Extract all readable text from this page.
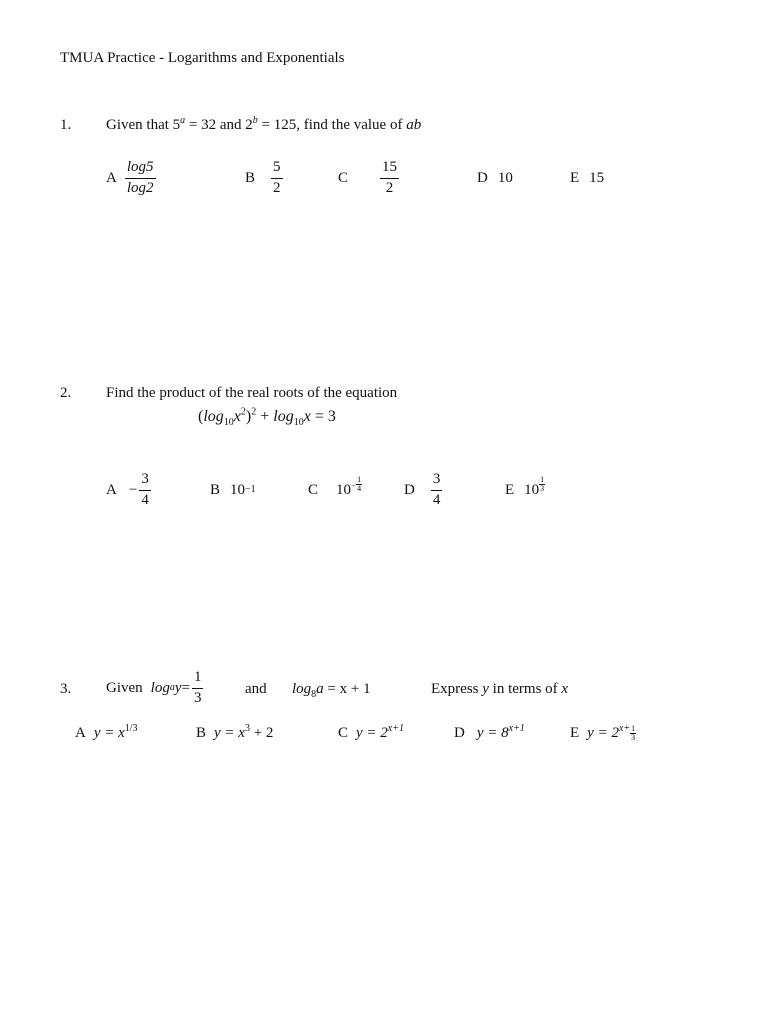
TMUA Practice - Logarithms and Exponentials
1. Given that $5^a = 32$ and $2^b = 125$, find the value of ab
A $\frac{\log 5}{\log 2}$	B $\frac{5}{2}$	C $\frac{15}{2}$	D 10	E 15
2. Find the product of the real roots of the equation
$(\log_{10}x^2)^2 + \log_{10}x = 3$
$A - \frac{3}{4}$	B 10 −1	C $10 - \frac{1}{4}$	D $\frac{3}{4}$	E 10
1
3
3. Given log a $y = \frac{1}{3}$	and $\log_8a = x + 1$	Express y in terms of x
A $y = x^{1/3}$	B $y = x^3 + 2$	C $y = 2^{x+1}$	D $y = 8^{x+1}$	E $y = 2^{x+} \frac{1}{3}$
